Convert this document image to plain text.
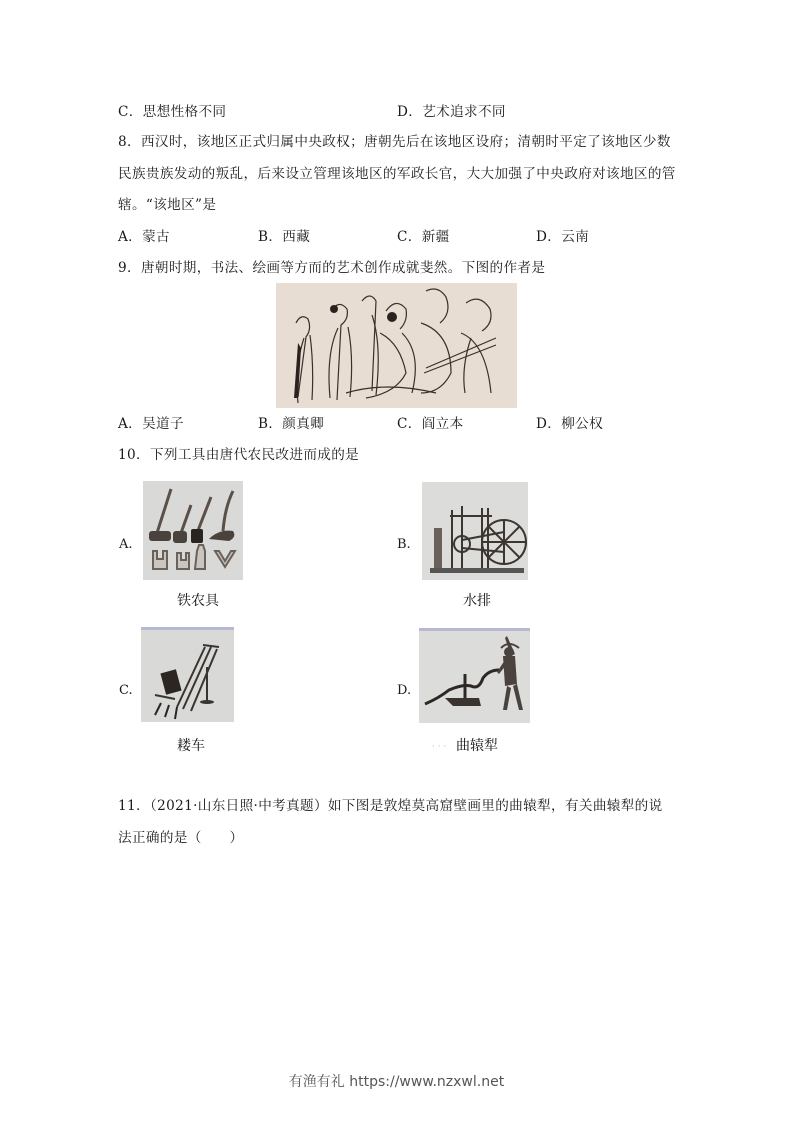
C．思想性格不同	D．艺术追求不同
8．西汉时，该地区正式归属中央政权；唐朝先后在该地区设府；清朝时平定了该地区少数
民族贵族发动的叛乱，后来设立管理该地区的军政长官，大大加强了中央政府对该地区的管
辖。“该地区”是
A．蒙古	B．西藏	C．新疆	D．云南
9．唐朝时期，书法、绘画等方而的艺术创作成就斐然。下图的作者是
A．吴道子	B．颜真卿	C．阎立本	D．柳公权
10．下列工具由唐代农民改进而成的是
A.
铁农具
B.
水排
C.
耧车
D.
· · · 曲辕犁
11．（2021·山东日照·中考真题）如下图是敦煌莫高窟壁画里的曲辕犁，有关曲辕犁的说
法正确的是（　　）
有渔有礼 https://www.nzxwl.net
